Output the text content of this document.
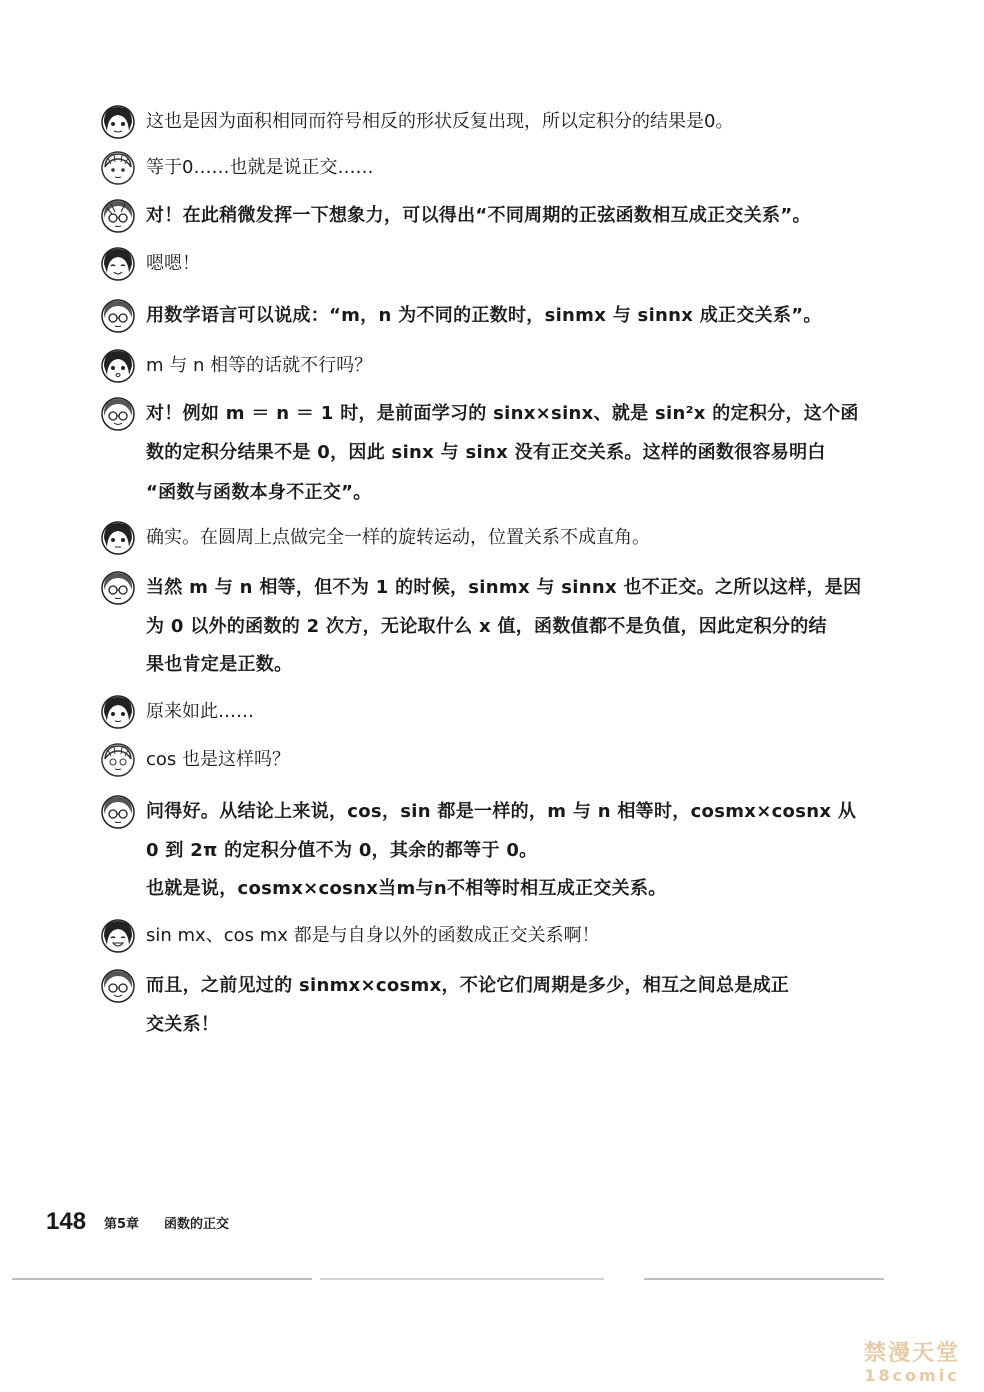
这也是因为面积相同而符号相反的形状反复出现，所以定积分的结果是0。
等于0……也就是说正交……
对！在此稍微发挥一下想象力，可以得出“不同周期的正弦函数相互成正交关系”。
嗯嗯！
用数学语言可以说成：“m，n 为不同的正数时，sinmx 与 sinnx 成正交关系”。
m 与 n 相等的话就不行吗？
对！例如 m ＝ n ＝ 1 时，是前面学习的 sinx×sinx、就是 sin²x 的定积分，这个函
数的定积分结果不是 0，因此 sinx 与 sinx 没有正交关系。这样的函数很容易明白
“函数与函数本身不正交”。
确实。在圆周上点做完全一样的旋转运动，位置关系不成直角。
当然 m 与 n 相等，但不为 1 的时候，sinmx 与 sinnx 也不正交。之所以这样，是因
为 0 以外的函数的 2 次方，无论取什么 x 值，函数值都不是负值，因此定积分的结
果也肯定是正数。
原来如此……
cos 也是这样吗？
问得好。从结论上来说，cos，sin 都是一样的，m 与 n 相等时，cosmx×cosnx 从
0 到 2π 的定积分值不为 0，其余的都等于 0。
也就是说，cosmx×cosnx当m与n不相等时相互成正交关系。
sin mx、cos mx 都是与自身以外的函数成正交关系啊！
而且，之前见过的 sinmx×cosmx，不论它们周期是多少，相互之间总是成正
交关系！
148 第5章 函数的正交
禁漫天堂
18comic
